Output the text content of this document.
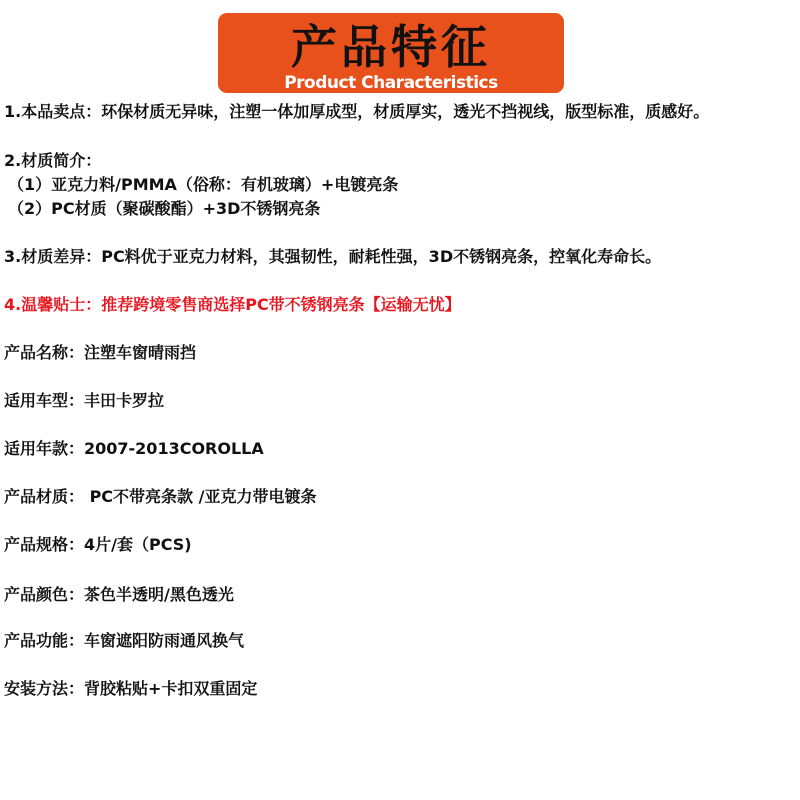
产品特征
Product Characteristics
1.本品卖点：环保材质无异味，注塑一体加厚成型，材质厚实，透光不挡视线，版型标准，质感好。
2.材质简介：
（1）亚克力料/PMMA（俗称：有机玻璃）+电镀亮条
（2）PC材质（聚碳酸酯）+3D不锈钢亮条
3.材质差异：PC料优于亚克力材料，其强韧性，耐耗性强，3D不锈钢亮条，控氧化寿命长。
4.温馨贴士：推荐跨境零售商选择PC带不锈钢亮条【运输无忧】
产品名称：注塑车窗晴雨挡
适用车型：丰田卡罗拉
适用年款：2007-2013COROLLA
产品材质： PC不带亮条款 /亚克力带电镀条
产品规格：4片/套（PCS)
产品颜色：茶色半透明/黑色透光
产品功能：车窗遮阳防雨通风换气
安装方法：背胶粘贴+卡扣双重固定
